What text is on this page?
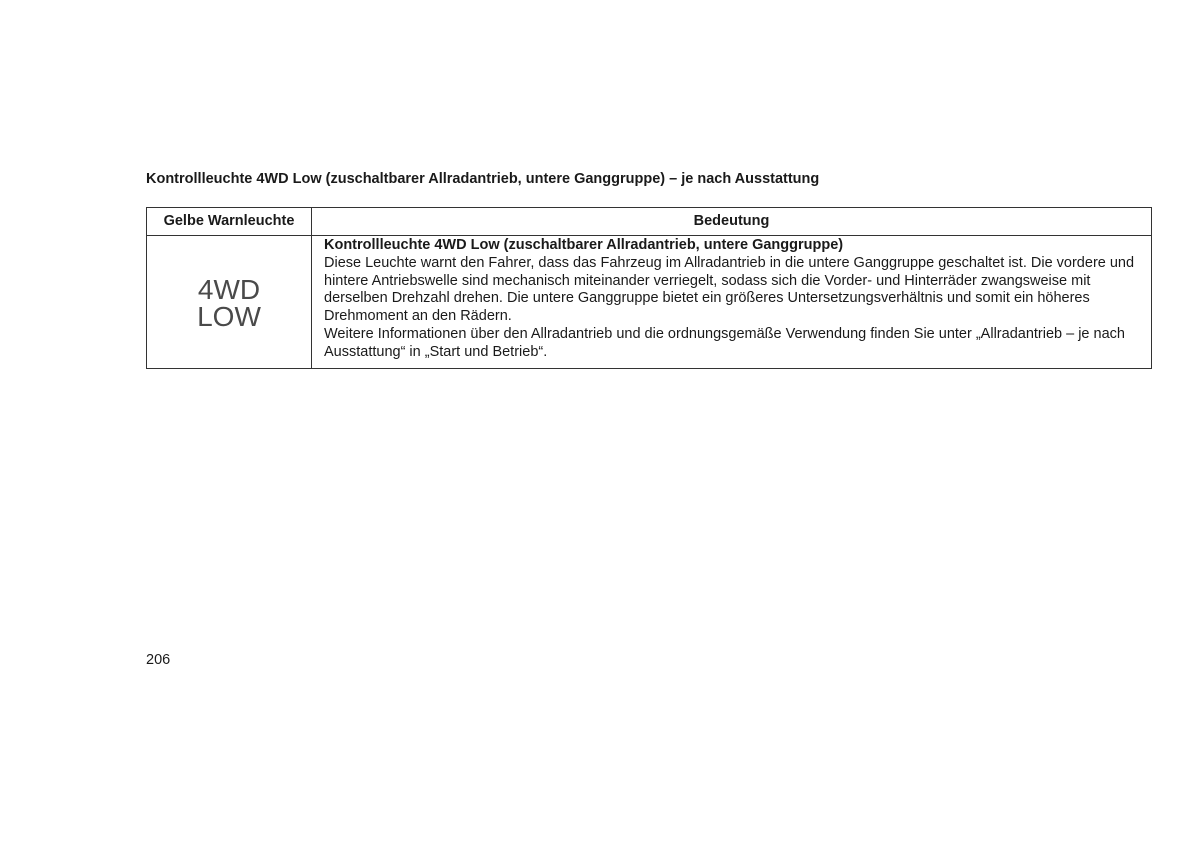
Kontrollleuchte 4WD Low (zuschaltbarer Allradantrieb, untere Ganggruppe) – je nach Ausstattung
Gelbe Warnleuchte	Bedeutung

4WD
LOW	Kontrollleuchte 4WD Low (zuschaltbarer Allradantrieb, untere Ganggruppe)
Diese Leuchte warnt den Fahrer, dass das Fahrzeug im Allradantrieb in die untere Ganggruppe geschaltet ist. Die vordere und hintere Antriebswelle sind mechanisch miteinander verriegelt, sodass sich die Vorder- und Hinterräder zwangsweise mit derselben Drehzahl drehen. Die untere Ganggruppe bietet ein größeres Untersetzungsverhältnis und somit ein höheres Drehmoment an den Rädern.
Weitere Informationen über den Allradantrieb und die ordnungsgemäße Verwendung finden Sie unter „Allradantrieb – je nach Ausstattung“ in „Start und Betrieb“.

206
